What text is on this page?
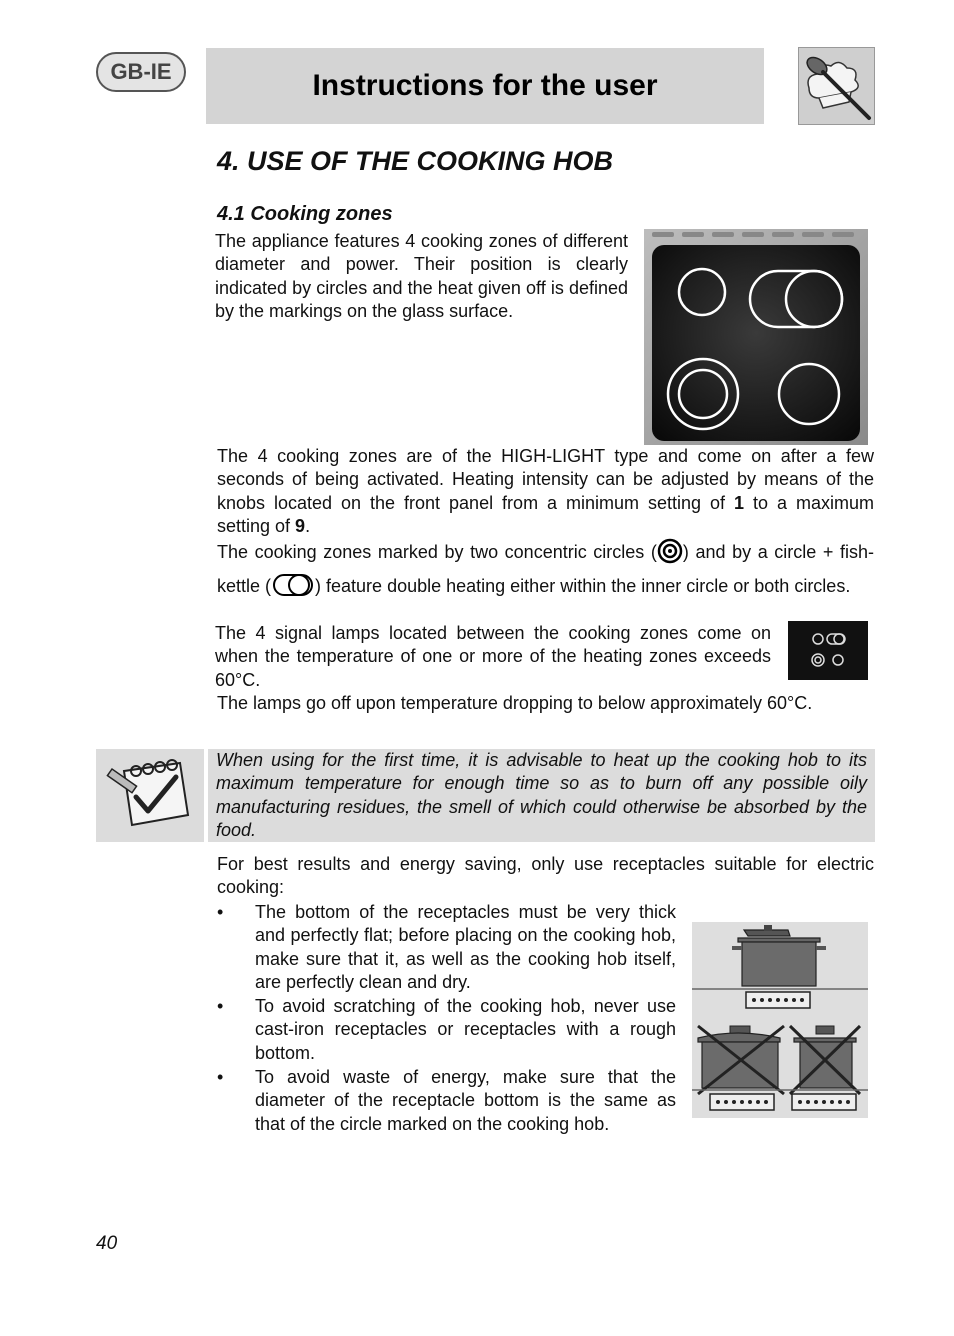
GB-IE	Instructions for the user
4. USE OF THE COOKING HOB
4.1 Cooking zones
The appliance features 4 cooking zones of different diameter and power. Their position is clearly indicated by circles and the heat given off is defined by the markings on the glass surface.
The 4 cooking zones are of the HIGH-LIGHT type and come on after a few seconds of being activated. Heating intensity can be adjusted by means of the knobs located on the front panel from a minimum setting of 1 to a maximum setting of 9.
The cooking zones marked by two concentric circles ( ) and by a circle + fish-kettle ( ) feature double heating either within the inner circle or both circles.
The 4 signal lamps located between the cooking zones come on when the temperature of one or more of the heating zones exceeds 60°C.
The lamps go off upon temperature dropping to below approximately 60°C.
When using for the first time, it is advisable to heat up the cooking hob to its maximum temperature for enough time so as to burn off any possible oily manufacturing residues, the smell of which could otherwise be absorbed by the food.
For best results and energy saving, only use receptacles suitable for electric cooking:
• The bottom of the receptacles must be very thick and perfectly flat; before placing on the cooking hob, make sure that it, as well as the cooking hob itself, are perfectly clean and dry.
• To avoid scratching of the cooking hob, never use cast-iron receptacles or receptacles with a rough bottom.
• To avoid waste of energy, make sure that the diameter of the receptacle bottom is the same as that of the circle marked on the cooking hob.
40
